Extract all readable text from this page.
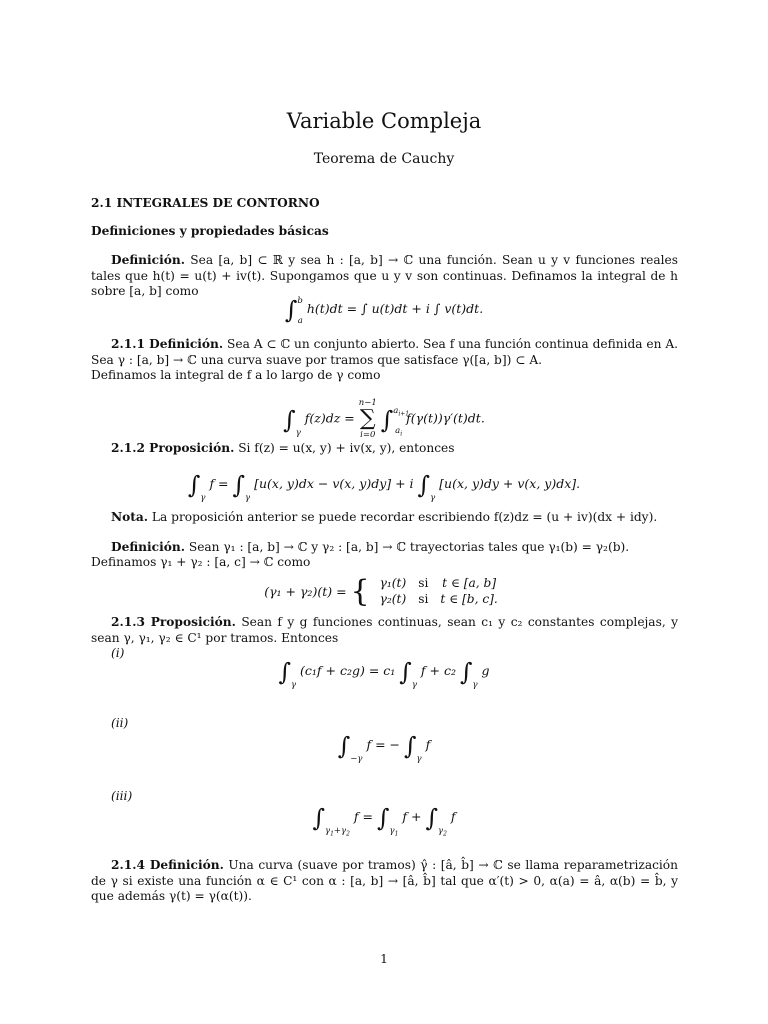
Variable Compleja
Teorema de Cauchy
2.1 INTEGRALES DE CONTORNO
Definiciones y propiedades básicas
Definición. Sea [a, b] ⊂ ℝ y sea h : [a, b] → ℂ una función. Sean u y v funciones reales tales que h(t) = u(t) + iv(t). Supongamos que u y v son continuas. Definamos la integral de h sobre [a, b] como
∫$^b_a$ h(t)dt = ∫ u(t)dt + i ∫ v(t)dt.
2.1.1 Definición. Sea A ⊂ ℂ un conjunto abierto. Sea f una función continua definida en A. Sea γ : [a, b] → ℂ una curva suave por tramos que satisface γ([a, b]) ⊂ A.
Definamos la integral de f a lo largo de γ como
$\int_\gamma$ f(z)dz =
n−1
∑
i=0
∫$^{a_{i+1}}_{a_i}$ f(γ(t))γ′(t)dt.
2.1.2 Proposición. Si f(z) = u(x, y) + iv(x, y), entonces
$\int_\gamma$ $f = \int_\gamma$ [u(x, y)dx − v(x, y)dy] + i $\int_\gamma$ [u(x, y)dy + v(x, y)dx].
Nota. La proposición anterior se puede recordar escribiendo f(z)dz = (u + iv)(dx + idy).
Definición. Sean γ₁ : [a, b] → ℂ y γ₂ : [a, b] → ℂ trayectorias tales que γ₁(b) = γ₂(b).
Definamos γ₁ + γ₂ : [a, c] → ℂ como
(γ₁ + γ₂)(t) = { γ₁(t)	si	t ∈ [a, b]
γ₂(t)	si	t ∈ [b, c].
2.1.3 Proposición. Sean f y g funciones continuas, sean c₁ y c₂ constantes complejas, y sean γ, γ₁, γ₂ ∈ C¹ por tramos. Entonces
(i)
$\int_\gamma$ (c₁f + c₂g) = c₁ $\int_\gamma$ f + c₂ $\int_\gamma$ g
(ii)
$\int_{-\gamma}$ f = − $\int_\gamma$ f
(iii)
$\int_{\gamma_1+\gamma_2}$ $f = \int_{\gamma_1}$ $f + \int_{\gamma_2}$ f
2.1.4 Definición. Una curva (suave por tramos) γ̂ : [â, b̂] → ℂ se llama reparametrización de γ si existe una función α ∈ C¹ con α : [a, b] → [â, b̂] tal que α′(t) > 0, α(a) = â, α(b) = b̂, y que además γ(t) = γ(α(t)).
1
